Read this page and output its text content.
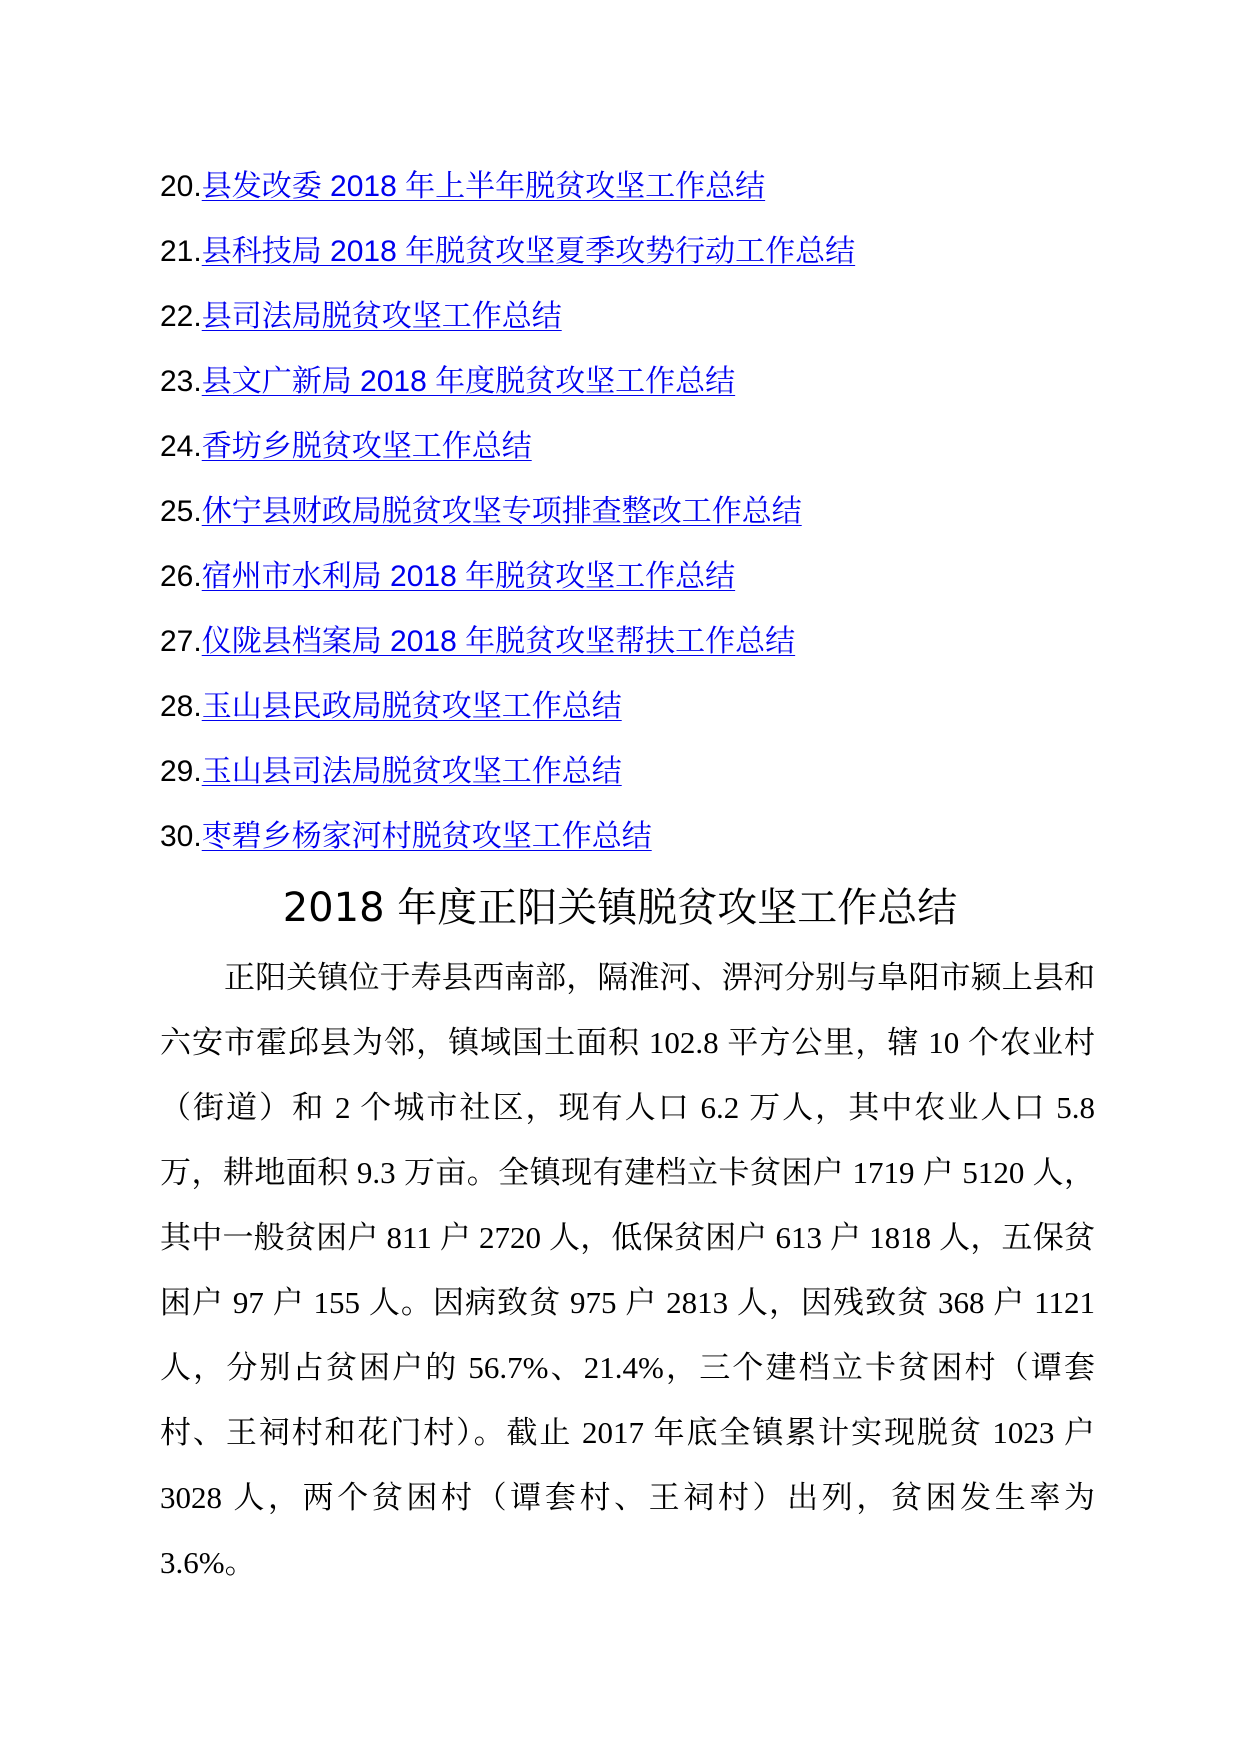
20.县发改委 2018 年上半年脱贫攻坚工作总结
21.县科技局 2018 年脱贫攻坚夏季攻势行动工作总结
22.县司法局脱贫攻坚工作总结
23.县文广新局 2018 年度脱贫攻坚工作总结
24.香坊乡脱贫攻坚工作总结
25.休宁县财政局脱贫攻坚专项排查整改工作总结
26.宿州市水利局 2018 年脱贫攻坚工作总结
27.仪陇县档案局 2018 年脱贫攻坚帮扶工作总结
28.玉山县民政局脱贫攻坚工作总结
29.玉山县司法局脱贫攻坚工作总结
30.枣碧乡杨家河村脱贫攻坚工作总结
2018 年度正阳关镇脱贫攻坚工作总结

正阳关镇位于寿县西南部，隔淮河、淠河分别与阜阳市颍上县和六安市霍邱县为邻，镇域国土面积 102.8 平方公里，辖 10 个农业村（街道）和 2 个城市社区，现有人口 6.2 万人，其中农业人口 5.8 万，耕地面积 9.3 万亩。全镇现有建档立卡贫困户 1719 户 5120 人，其中一般贫困户 811 户 2720 人，低保贫困户 613 户 1818 人，五保贫困户 97 户 155 人。因病致贫 975 户 2813 人，因残致贫 368 户 1121 人，分别占贫困户的 56.7%、21.4%，三个建档立卡贫困村（谭套村、王祠村和花门村）。截止 2017 年底全镇累计实现脱贫 1023 户 3028 人，两个贫困村（谭套村、王祠村）出列，贫困发生率为 3.6%。
